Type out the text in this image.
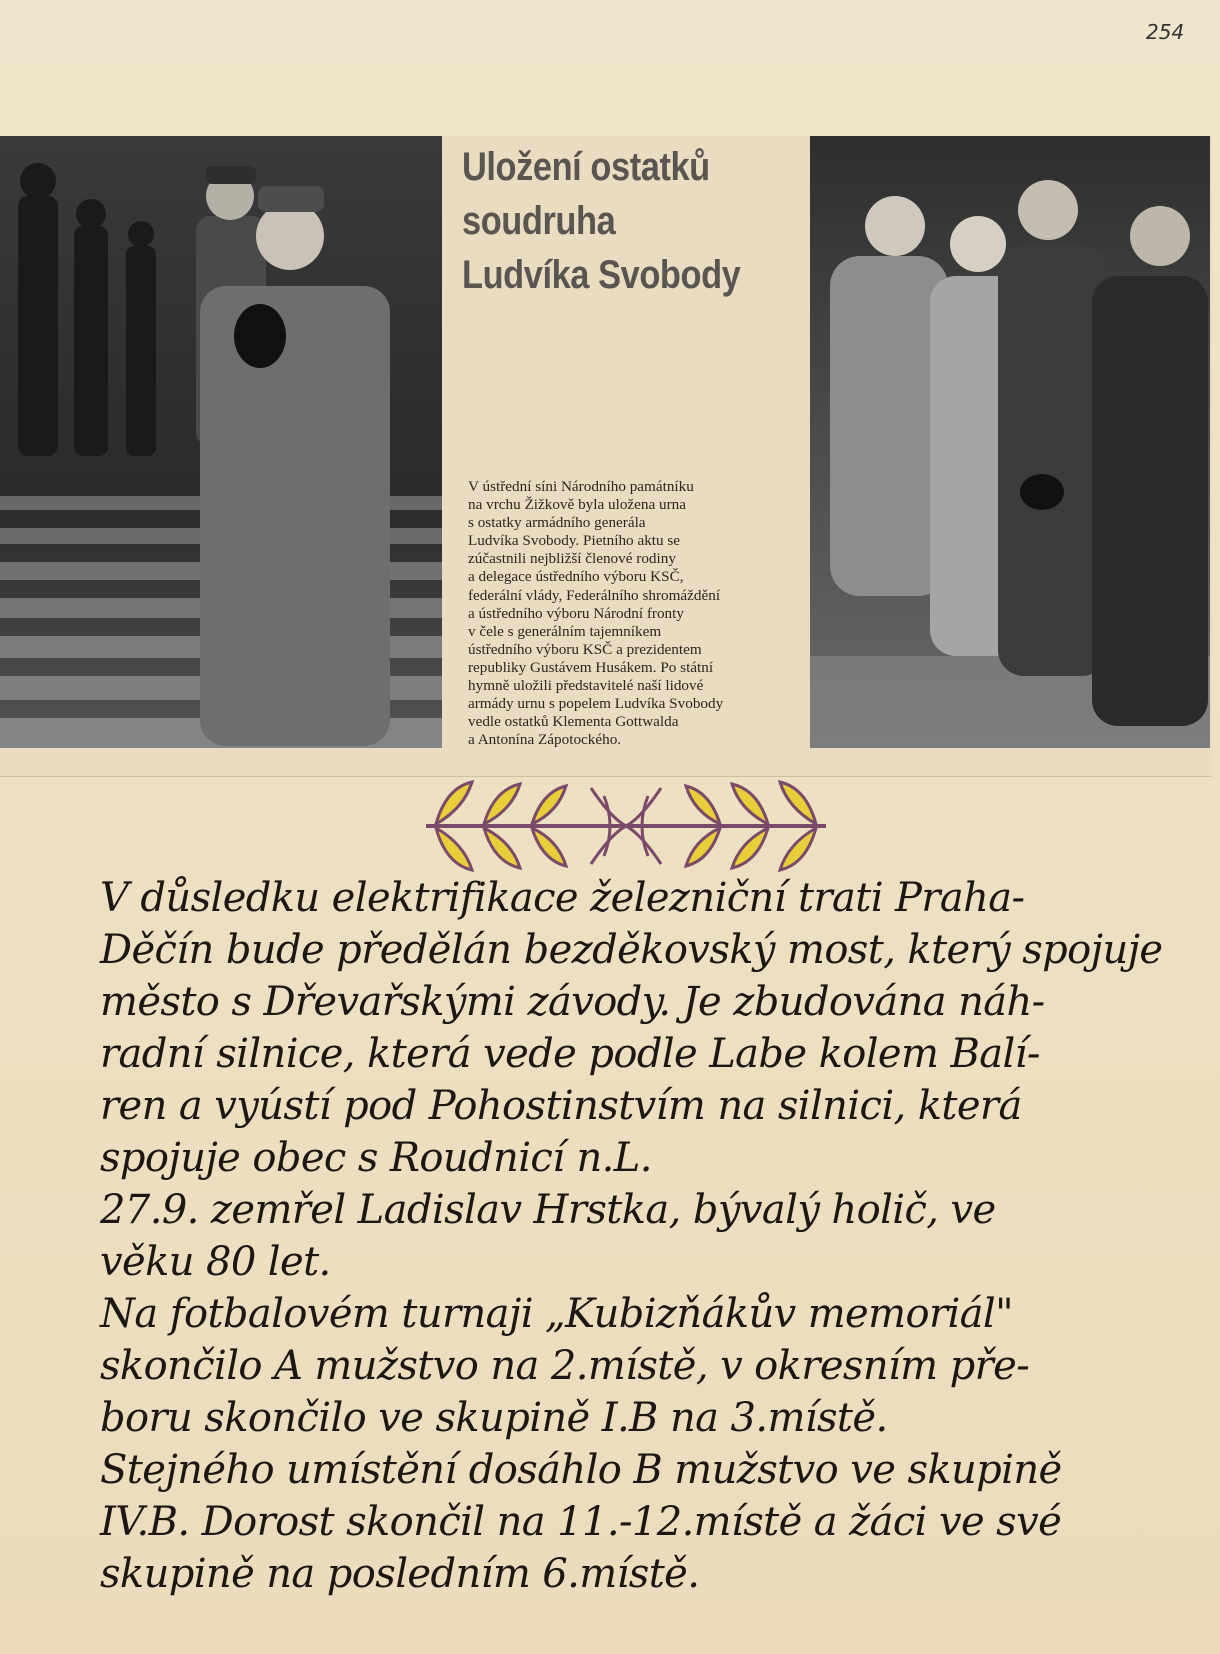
254
Uložení ostatků
soudruha
Ludvíka Svobody
V ústřední síni Národního památníku
na vrchu Žižkově byla uložena urna
s ostatky armádního generála
Ludvíka Svobody. Pietního aktu se
zúčastnili nejbližší členové rodiny
a delegace ústředního výboru KSČ,
federální vlády, Federálního shromáždění
a ústředního výboru Národní fronty
v čele s generálním tajemníkem
ústředního výboru KSČ a prezidentem
republiky Gustávem Husákem. Po státní
hymně uložili představitelé naší lidové
armády urnu s popelem Ludvíka Svobody
vedle ostatků Klementa Gottwalda
a Antonína Zápotockého.
V důsledku elektrifikace železniční trati Praha-
Děčín bude předělán bezděkovský most, který spojuje
město s Dřevařskými závody. Je zbudována náh-
radní silnice, která vede podle Labe kolem Balí-
ren a vyústí pod Pohostinstvím na silnici, která
spojuje obec s Roudnicí n.L.
27.9. zemřel Ladislav Hrstka, bývalý holič, ve
věku 80 let.
Na fotbalovém turnaji „Kubizňákův memoriál"
skončilo A mužstvo na 2.místě, v okresním pře-
boru skončilo ve skupině I.B na 3.místě.
Stejného umístění dosáhlo B mužstvo ve skupině
IV.B. Dorost skončil na 11.-12.místě a žáci ve své
skupině na posledním 6.místě.
